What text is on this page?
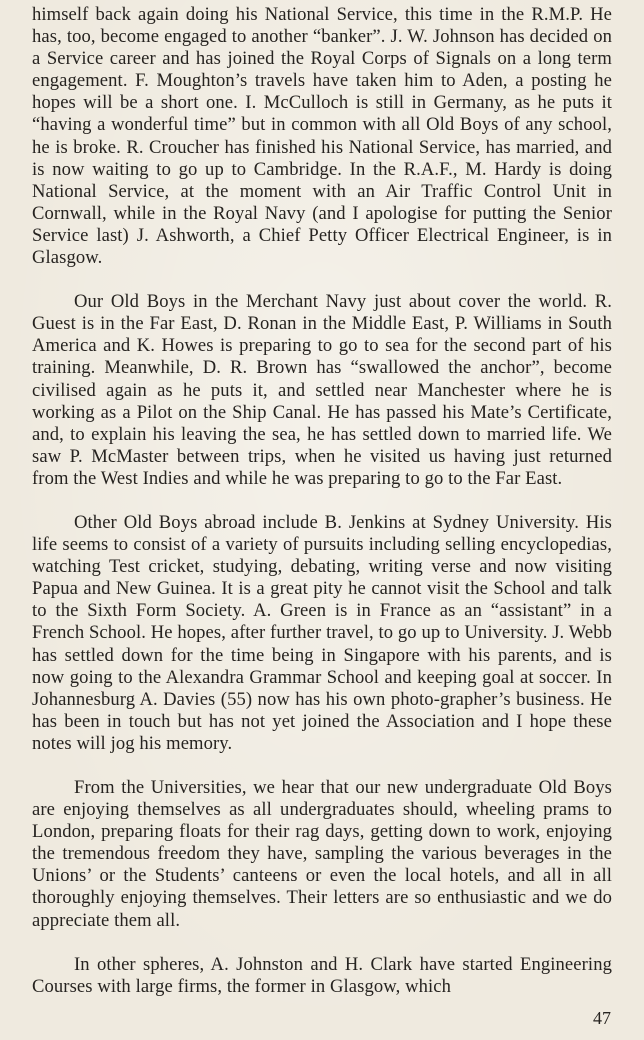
himself back again doing his National Service, this time in the R.M.P. He has, too, become engaged to another “banker”. J. W. Johnson has decided on a Service career and has joined the Royal Corps of Signals on a long term engagement. F. Moughton’s travels have taken him to Aden, a posting he hopes will be a short one. I. McCulloch is still in Germany, as he puts it “having a wonderful time” but in common with all Old Boys of any school, he is broke. R. Croucher has finished his National Service, has married, and is now waiting to go up to Cambridge. In the R.A.F., M. Hardy is doing National Service, at the moment with an Air Traffic Control Unit in Cornwall, while in the Royal Navy (and I apologise for putting the Senior Service last) J. Ashworth, a Chief Petty Officer Electrical Engineer, is in Glasgow.

Our Old Boys in the Merchant Navy just about cover the world. R. Guest is in the Far East, D. Ronan in the Middle East, P. Williams in South America and K. Howes is preparing to go to sea for the second part of his training. Meanwhile, D. R. Brown has “swallowed the anchor”, become civilised again as he puts it, and settled near Manchester where he is working as a Pilot on the Ship Canal. He has passed his Mate’s Certificate, and, to explain his leaving the sea, he has settled down to married life. We saw P. McMaster between trips, when he visited us having just returned from the West Indies and while he was preparing to go to the Far East.

Other Old Boys abroad include B. Jenkins at Sydney University. His life seems to consist of a variety of pursuits including selling encyclopedias, watching Test cricket, studying, debating, writing verse and now visiting Papua and New Guinea. It is a great pity he cannot visit the School and talk to the Sixth Form Society. A. Green is in France as an “assistant” in a French School. He hopes, after further travel, to go up to University. J. Webb has settled down for the time being in Singapore with his parents, and is now going to the Alexandra Grammar School and keeping goal at soccer. In Johannesburg A. Davies (55) now has his own photo-grapher’s business. He has been in touch but has not yet joined the Association and I hope these notes will jog his memory.

From the Universities, we hear that our new undergraduate Old Boys are enjoying themselves as all undergraduates should, wheeling prams to London, preparing floats for their rag days, getting down to work, enjoying the tremendous freedom they have, sampling the various beverages in the Unions’ or the Students’ canteens or even the local hotels, and all in all thoroughly enjoying themselves. Their letters are so enthusiastic and we do appreciate them all.

In other spheres, A. Johnston and H. Clark have started Engineering Courses with large firms, the former in Glasgow, which

47
